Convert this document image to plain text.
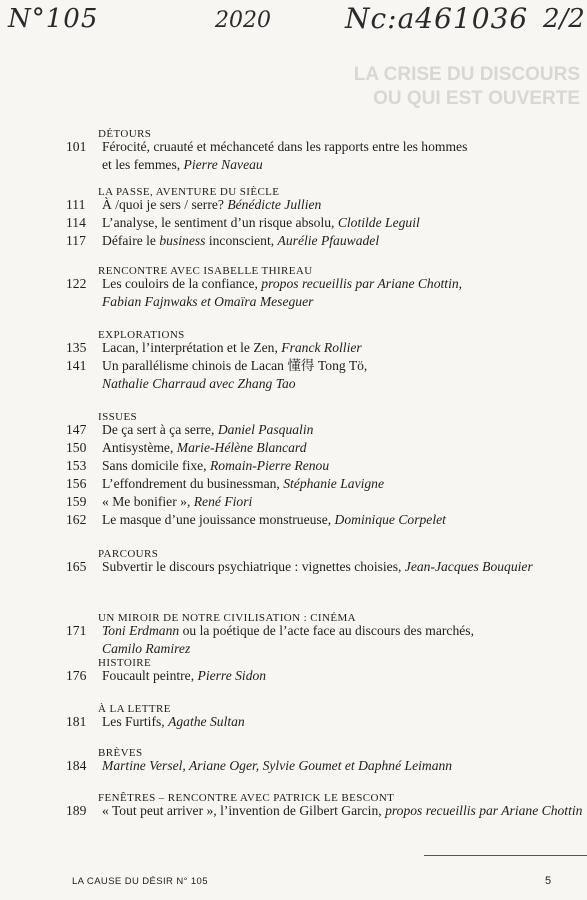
N°105	2020	Nc:a461036 2/2
LA CRISE DU DISCOURS
OU QUI EST OUVERTE
DÉTOURS
101 Férocité, cruauté et méchanceté dans les rapports entre les hommes
et les femmes, Pierre Naveau
LA PASSE, AVENTURE DU SIÈCLE
111 À /quoi je sers / serre? Bénédicte Jullien
114 L’analyse, le sentiment d’un risque absolu, Clotilde Leguil
117 Défaire le business inconscient, Aurélie Pfauwadel
RENCONTRE AVEC ISABELLE THIREAU
122 Les couloirs de la confiance, propos recueillis par Ariane Chottin,
Fabian Fajnwaks et Omaïra Meseguer
EXPLORATIONS
135 Lacan, l’interprétation et le Zen, Franck Rollier
141 Un parallélisme chinois de Lacan 懂得 Tong Tö,
Nathalie Charraud avec Zhang Tao
ISSUES
147 De ça sert à ça serre, Daniel Pasqualin
150 Antisystème, Marie-Hélène Blancard
153 Sans domicile fixe, Romain-Pierre Renou
156 L’effondrement du businessman, Stéphanie Lavigne
159 « Me bonifier », René Fiori
162 Le masque d’une jouissance monstrueuse, Dominique Corpelet
PARCOURS
165 Subvertir le discours psychiatrique : vignettes choisies, Jean-Jacques Bouquier
UN MIROIR DE NOTRE CIVILISATION : CINÉMA
171 Toni Erdmann ou la poétique de l’acte face au discours des marchés,
Camilo Ramirez
HISTOIRE
176 Foucault peintre, Pierre Sidon
À LA LETTRE
181 Les Furtifs, Agathe Sultan
BRÈVES
184 Martine Versel, Ariane Oger, Sylvie Goumet et Daphné Leimann
FENÊTRES – RENCONTRE AVEC PATRICK LE BESCONT
189 « Tout peut arriver », l’invention de Gilbert Garcin, propos recueillis par Ariane Chottin
LA CAUSE DU DÉSIR N° 105	5
